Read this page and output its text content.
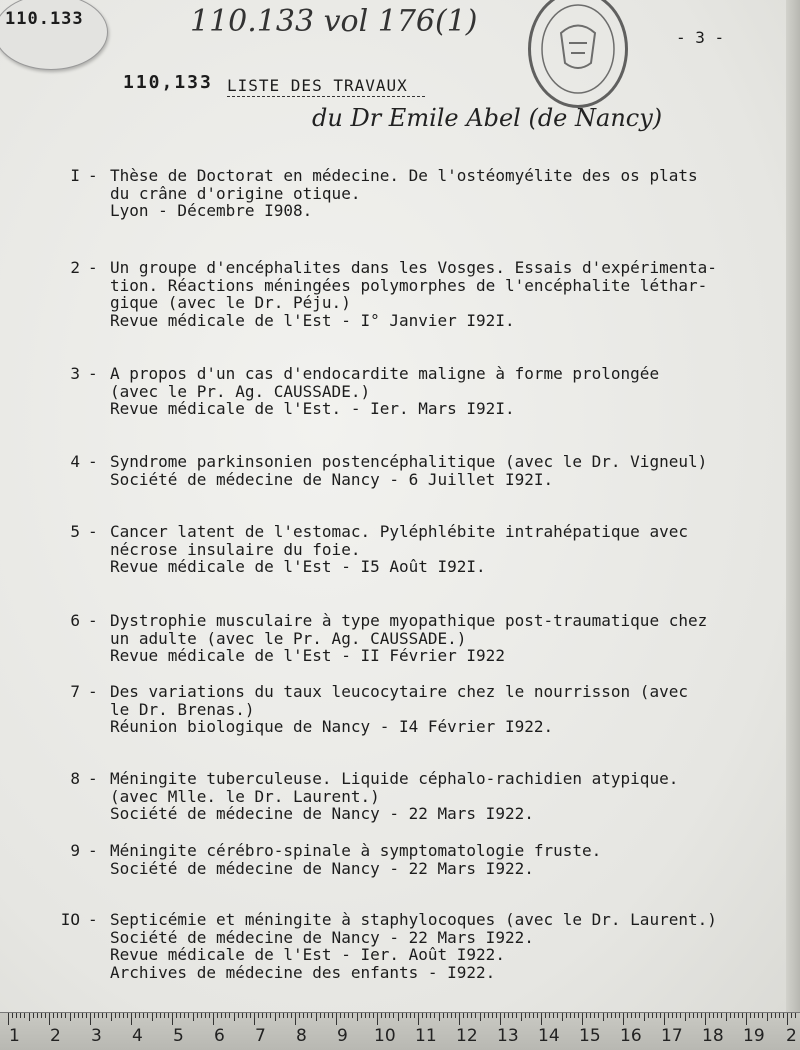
110.133	110.133 vol 176(1)	- 3 -
110,133 LISTE DES TRAVAUX
du Dr Emile Abel (de Nancy)
I - Thèse de Doctorat en médecine. De l'ostéomyélite des os plats
du crâne d'origine otique.
Lyon - Décembre I908.
2 - Un groupe d'encéphalites dans les Vosges. Essais d'expérimenta-
tion. Réactions méningées polymorphes de l'encéphalite léthar-
gique (avec le Dr. Péju.)
Revue médicale de l'Est - I° Janvier I92I.
3 - A propos d'un cas d'endocardite maligne à forme prolongée
(avec le Pr. Ag. CAUSSADE.)
Revue médicale de l'Est. - Ier. Mars I92I.
4 - Syndrome parkinsonien postencéphalitique (avec le Dr. Vigneul)
Société de médecine de Nancy - 6 Juillet I92I.
5 - Cancer latent de l'estomac. Pyléphlébite intrahépatique avec
nécrose insulaire du foie.
Revue médicale de l'Est - I5 Août I92I.
6 - Dystrophie musculaire à type myopathique post-traumatique chez
un adulte (avec le Pr. Ag. CAUSSADE.)
Revue médicale de l'Est - II Février I922
7 - Des variations du taux leucocytaire chez le nourrisson (avec
le Dr. Brenas.)
Réunion biologique de Nancy - I4 Février I922.
8 - Méningite tuberculeuse. Liquide céphalo-rachidien atypique.
(avec Mlle. le Dr. Laurent.)
Société de médecine de Nancy - 22 Mars I922.
9 - Méningite cérébro-spinale à symptomatologie fruste.
Société de médecine de Nancy - 22 Mars I922.
IO - Septicémie et méningite à staphylocoques (avec le Dr. Laurent.)
Société de médecine de Nancy - 22 Mars I922.
Revue médicale de l'Est - Ier. Août I922.
Archives de médecine des enfants - I922.
1 2 3 4 5 6 7 8 9 10 11 12 13 14 15 16 17 18 19 2
